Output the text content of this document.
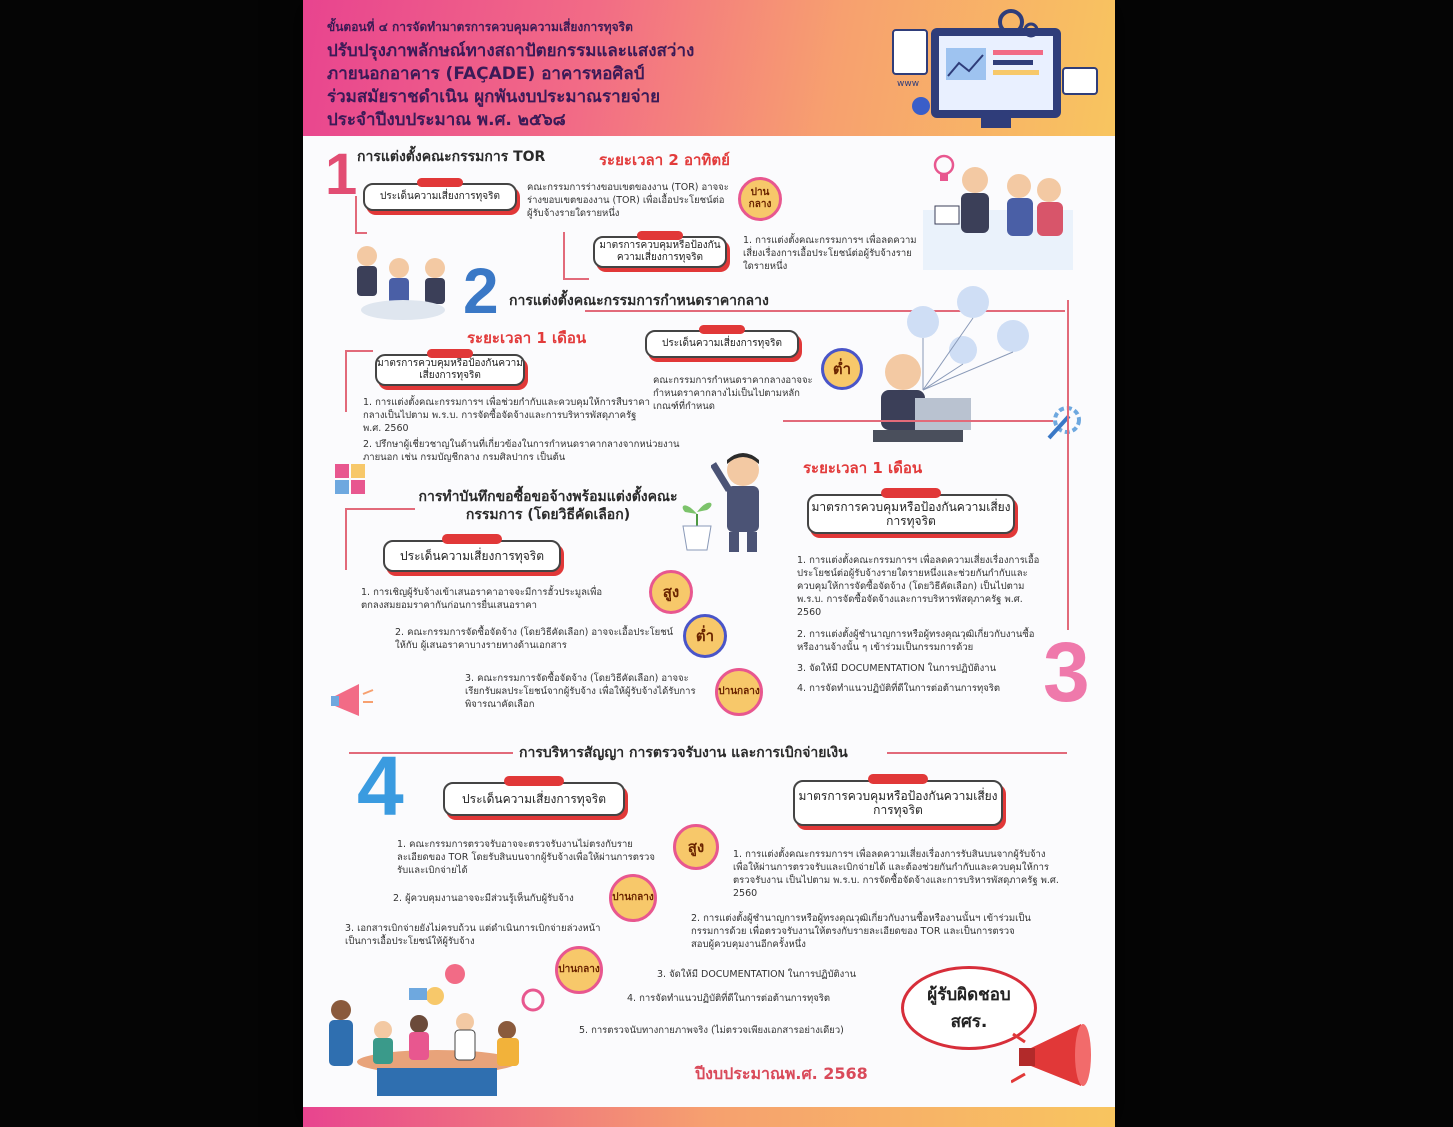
ขั้นตอนที่ ๔ การจัดทำมาตรการควบคุมความเสี่ยงการทุจริต
ปรับปรุงภาพลักษณ์ทางสถาปัตยกรรมและแสงสว่าง
ภายนอกอาคาร (FAÇADE) อาคารหอศิลป์
ร่วมสมัยราชดำเนิน ผูกพันงบประมาณรายจ่าย
ประจำปีงบประมาณ พ.ศ. ๒๕๖๘
www
1 การแต่งตั้งคณะกรรมการ TOR	ระยะเวลา 2 อาทิตย์
ประเด็นความเสี่ยงการทุจริต
คณะกรรมการร่างขอบเขตของงาน (TOR) อาจจะร่างขอบเขตของงาน (TOR) เพื่อเอื้อประโยชน์ต่อผู้รับจ้างรายใดรายหนึ่ง
ปานกลาง
มาตรการควบคุมหรือป้องกันความเสี่ยงการทุจริต
1. การแต่งตั้งคณะกรรมการฯ เพื่อลดความเสี่ยงเรื่องการเอื้อประโยชน์ต่อผู้รับจ้างรายใดรายหนึ่ง
2 การแต่งตั้งคณะกรรมการกำหนดราคากลาง
ระยะเวลา 1 เดือน
มาตรการควบคุมหรือป้องกันความเสี่ยงการทุจริต
1. การแต่งตั้งคณะกรรมการฯ เพื่อช่วยกำกับและควบคุมให้การสืบราคากลางเป็นไปตาม พ.ร.บ. การจัดซื้อจัดจ้างและการบริหารพัสดุภาครัฐ พ.ศ. 2560
2. ปรึกษาผู้เชี่ยวชาญในด้านที่เกี่ยวข้องในการกำหนดราคากลางจากหน่วยงานภายนอก เช่น กรมบัญชีกลาง กรมศิลปากร เป็นต้น
ประเด็นความเสี่ยงการทุจริต
คณะกรรมการกำหนดราคากลางอาจจะกำหนดราคากลางไม่เป็นไปตามหลักเกณฑ์ที่กำหนด
ต่ำ
การทำบันทึกขอซื้อขอจ้างพร้อมแต่งตั้งคณะกรรมการ (โดยวิธีคัดเลือก)
ประเด็นความเสี่ยงการทุจริต
1. การเชิญผู้รับจ้างเข้าเสนอราคาอาจจะมีการฮั้วประมูลเพื่อตกลงสมยอมราคากันก่อนการยื่นเสนอราคา
สูง
2. คณะกรรมการจัดซื้อจัดจ้าง (โดยวิธีคัดเลือก) อาจจะเอื้อประโยชน์ให้กับ ผู้เสนอราคาบางรายทางด้านเอกสาร
ต่ำ
3. คณะกรรมการจัดซื้อจัดจ้าง (โดยวิธีคัดเลือก) อาจจะเรียกรับผลประโยชน์จากผู้รับจ้าง เพื่อให้ผู้รับจ้างได้รับการพิจารณาคัดเลือก
ปานกลาง
ระยะเวลา 1 เดือน
มาตรการควบคุมหรือป้องกันความเสี่ยงการทุจริต
1. การแต่งตั้งคณะกรรมการฯ เพื่อลดความเสี่ยงเรื่องการเอื้อประโยชน์ต่อผู้รับจ้างรายใดรายหนึ่งและช่วยกันกำกับและควบคุมให้การจัดซื้อจัดจ้าง (โดยวิธีคัดเลือก) เป็นไปตาม พ.ร.บ. การจัดซื้อจัดจ้างและการบริหารพัสดุภาครัฐ พ.ศ. 2560
2. การแต่งตั้งผู้ชำนาญการหรือผู้ทรงคุณวุฒิเกี่ยวกับงานซื้อหรืองานจ้างนั้น ๆ เข้าร่วมเป็นกรรมการด้วย
3. จัดให้มี DOCUMENTATION ในการปฏิบัติงาน
4. การจัดทำแนวปฏิบัติที่ดีในการต่อต้านการทุจริต 3
การบริหารสัญญา การตรวจรับงาน และการเบิกจ่ายเงิน
4	ประเด็นความเสี่ยงการทุจริต
1. คณะกรรมการตรวจรับอาจจะตรวจรับงานไม่ตรงกับรายละเอียดของ TOR โดยรับสินบนจากผู้รับจ้างเพื่อให้ผ่านการตรวจรับและเบิกจ่ายได้
สูง
2. ผู้ควบคุมงานอาจจะมีส่วนรู้เห็นกับผู้รับจ้าง	ปานกลาง
3. เอกสารเบิกจ่ายยังไม่ครบถ้วน แต่ดำเนินการเบิกจ่ายล่วงหน้าเป็นการเอื้อประโยชน์ให้ผู้รับจ้าง
ปานกลาง
มาตรการควบคุมหรือป้องกันความเสี่ยงการทุจริต
1. การแต่งตั้งคณะกรรมการฯ เพื่อลดความเสี่ยงเรื่องการรับสินบนจากผู้รับจ้าง เพื่อให้ผ่านการตรวจรับและเบิกจ่ายได้ และต้องช่วยกันกำกับและควบคุมให้การตรวจรับงาน เป็นไปตาม พ.ร.บ. การจัดซื้อจัดจ้างและการบริหารพัสดุภาครัฐ พ.ศ. 2560
2. การแต่งตั้งผู้ชำนาญการหรือผู้ทรงคุณวุฒิเกี่ยวกับงานซื้อหรืองานนั้นฯ เข้าร่วมเป็นกรรมการด้วย เพื่อตรวจรับงานให้ตรงกับรายละเอียดของ TOR และเป็นการตรวจสอบผู้ควบคุมงานอีกครั้งหนึ่ง
3. จัดให้มี DOCUMENTATION ในการปฏิบัติงาน
4. การจัดทำแนวปฏิบัติที่ดีในการต่อต้านการทุจริต
5. การตรวจนับทางกายภาพจริง (ไม่ตรวจเพียงเอกสารอย่างเดียว)
ผู้รับผิดชอบ
สศร.
ปีงบประมาณพ.ศ. 2568
